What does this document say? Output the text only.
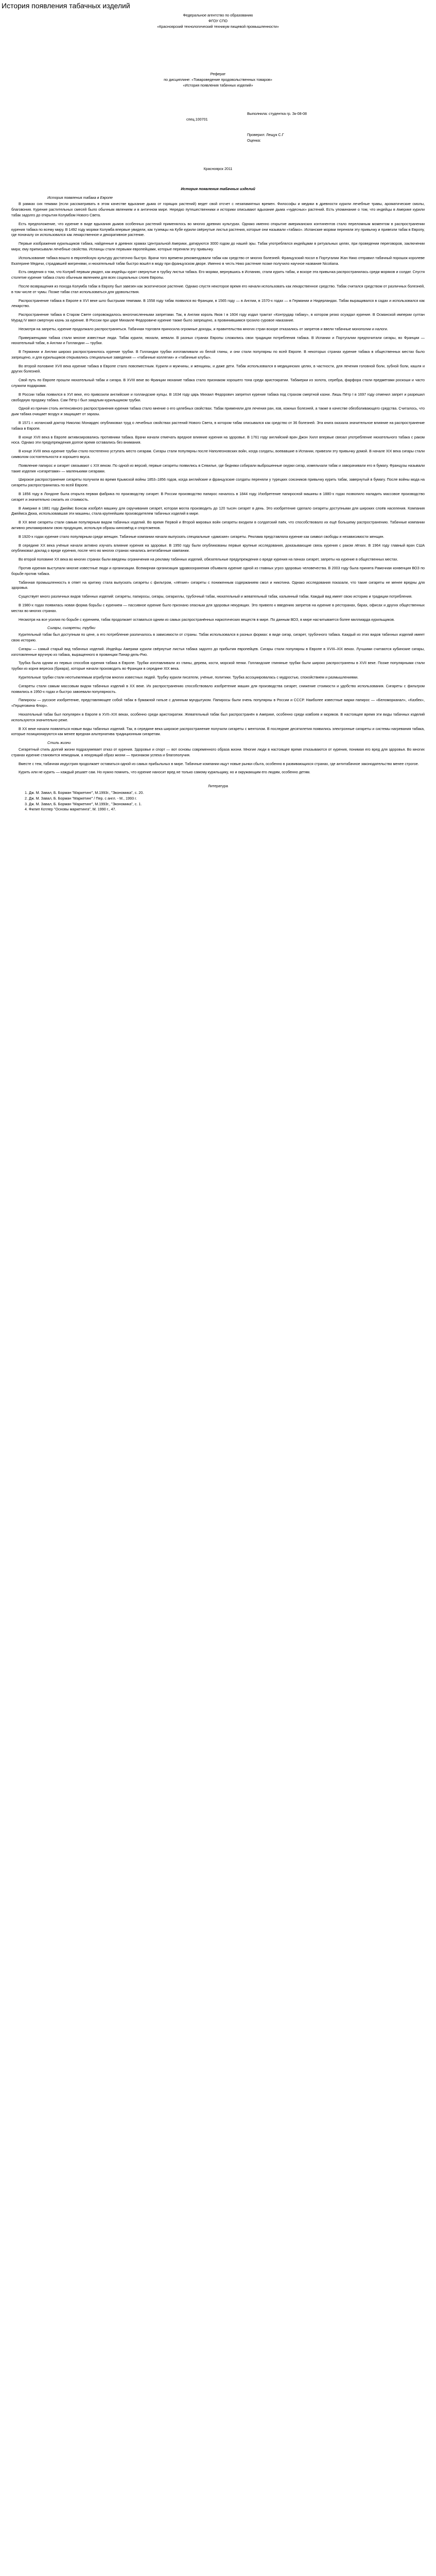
История появления табачных изделий

Федеральное агентство по образованию

ФГОУ СПО

«Красноярский технологический техникум пищевой промышленности»

Реферат

по дисциплине: «Товароведение продовольственных товаров»

«История появления табачных изделий»

Выполнила: студентка гр. Зк-08-08

спец.100701

Проверил: Лещук С.Г

Оценка:

Красноярск 2011

История появления табачных изделий
История появления табака в Европе

В рамках сих темами (если рассматривать в этом качестве вдыхание дыма от горящих растений) ведет свой отсчет с незапамятных времен. Философы и медики в древности курили лечебные травы, ароматические смолы, благовония. Курение растительных смесей было обычным явлением и в античном мире. Нередко путешественники и историки описывают вдыхание дыма «чудесных» растений. Есть упоминание о том, что индейцы в Америке курили табак задолго до открытия Колумбом Нового Света.

Есть предположение, что курение в виде вдыхания дымов особенных растений применялось во многих древних культурах. Однако именно открытие американских континентов стало переломным моментом в распространении курения табака по всему миру. В 1492 году моряки Колумба впервые увидели, как туземцы на Кубе курили свёрнутые листья растения, которые они называли «табако». Испанские моряки переняли эту привычку и привезли табак в Европу, где поначалу он использовался как лекарственное и декоративное растение.

Первые изображения курильщиков табака, найденные в древних храмах Центральной Америки, датируются 3000 годом до нашей эры. Табак употреблялся индейцами в ритуальных целях, при проведении переговоров, заключении мира; ему приписывали лечебные свойства. Испанцы стали первыми европейцами, которые переняли эту привычку.

Использование табака вошло в европейскую культуру достаточно быстро. Врачи того времени рекомендовали табак как средство от многих болезней. Французский посол в Португалии Жан Нико отправил табачный порошок королеве Екатерине Медичи, страдавшей мигренями, и нюхательный табак быстро вошёл в моду при французском дворе. Именно в честь Нико растение позже получило научное название Nicotiana.

Есть сведения о том, что Колумб первым увидел, как индейцы курят свернутые в трубку листья табака. Его моряки, вернувшись в Испанию, стали курить табак, и вскоре эта привычка распространилась среди моряков и солдат. Спустя столетие курение табака стало обычным явлением для всех социальных слоев Европы.

После возвращения из похода Колумба табак в Европу был завезен как экзотическое растение. Однако спустя некоторое время его начали использовать как лекарственное средство. Табак считался средством от различных болезней, в том числе от чумы. Позже табак стал использоваться для удовольствия.

Распространение табака в Европе в XVI веке шло быстрыми темпами. В 1558 году табак появился во Франции, в 1565 году — в Англии, в 1570-х годах — в Германии и Нидерландах. Табак выращивался в садах и использовался как лекарство.

Распространение табака в Старом Свете сопровождалось многочисленными запретами. Так, в Англии король Яков I в 1604 году издал трактат «Контрудар табаку», в котором резко осуждал курение. В Османской империи султан Мурад IV ввел смертную казнь за курение. В России при царе Михаиле Федоровиче курение также было запрещено, а провинившимся грозило суровое наказание.

Несмотря на запреты, курение продолжало распространяться. Табачная торговля приносила огромные доходы, и правительства многих стран вскоре отказались от запретов и ввели табачные монополии и налоги.

Приверженцами табака стали многие известные люди. Табак курили, нюхали, жевали. В разных странах Европы сложились свои традиции потребления табака. В Испании и Португалии предпочитали сигары, во Франции — нюхательный табак, в Англии и Голландии — трубки.

В Германии и Англии широко распространилось курение трубки. В Голландии трубки изготавливали из белой глины, и они стали популярны по всей Европе. В некоторых странах курение табака в общественных местах было запрещено, и для курильщиков открывались специальные заведения — «табачные коллегии» и «табачные клубы».

Во второй половине XVII века курение табака в Европе стало повсеместным. Курили и мужчины, и женщины, и даже дети. Табак использовался в медицинских целях, в частности, для лечения головной боли, зубной боли, кашля и других болезней.

Свой путь по Европе прошли нюхательный табак и сигара. В XVIII веке во Франции нюхание табака стало признаком хорошего тона среди аристократии. Табакерки из золота, серебра, фарфора стали предметами роскоши и часто служили подарками.

В России табак появился в XVI веке, его привозили английские и голландские купцы. В 1634 году царь Михаил Федорович запретил курение табака под страхом смертной казни. Лишь Пётр I в 1697 году отменил запрет и разрешил свободную продажу табака. Сам Пётр I был заядлым курильщиком трубки.

Одной из причин столь интенсивного распространения курения табака стало мнение о его целебных свойствах. Табак применяли для лечения ран, язв, кожных болезней, а также в качестве обезболивающего средства. Считалось, что дым табака очищает воздух и защищает от заразы.

В 1571 г. испанский доктор Николас Монардес опубликовал труд о лечебных свойствах растений Нового Света, в котором табак описывался как средство от 36 болезней. Эта книга оказала значительное влияние на распространение табака в Европе.

В конце XVII века в Европе активизировались противники табака. Врачи начали отмечать вредное влияние курения на здоровье. В 1761 году английский врач Джон Хилл впервые связал употребление нюхательного табака с раком носа. Однако эти предупреждения долгое время оставались без внимания.

В конце XVIII века курение трубки стало постепенно уступать место сигарам. Сигары стали популярны после Наполеоновских войн, когда солдаты, воевавшие в Испании, привезли эту привычку домой. В начале XIX века сигары стали символом состоятельности и хорошего вкуса.

Появление папирос и сигарет связывают с XIX веком. По одной из версий, первые сигареты появились в Севилье, где бедняки собирали выброшенные окурки сигар, измельчали табак и заворачивали его в бумагу. Французы называли такие изделия «сигаретами» — маленькими сигарами.

Широкое распространение сигареты получили во время Крымской войны 1853–1856 годов, когда английские и французские солдаты переняли у турецких союзников привычку курить табак, завернутый в бумагу. После войны мода на сигареты распространилась по всей Европе.

В 1856 году в Лондоне была открыта первая фабрика по производству сигарет. В России производство папирос началось в 1844 году. Изобретение папиросной машины в 1880-х годах позволило наладить массовое производство сигарет и значительно снизить их стоимость.

В Америке в 1881 году Джеймс Бонсак изобрёл машину для скручивания сигарет, которая могла производить до 120 тысяч сигарет в день. Это изобретение сделало сигареты доступными для широких слоёв населения. Компания Джеймса Дюка, использовавшая эти машины, стала крупнейшим производителем табачных изделий в мире.

В XX веке сигареты стали самым популярным видом табачных изделий. Во время Первой и Второй мировых войн сигареты входили в солдатский паёк, что способствовало их ещё большему распространению. Табачные компании активно рекламировали свою продукцию, используя образы кинозвёзд и спортсменов.

В 1920-х годах курение стало популярным среди женщин. Табачные компании начали выпускать специальные «дамские» сигареты. Реклама представляла курение как символ свободы и независимости женщин.

В середине XX века учёные начали активно изучать влияние курения на здоровье. В 1950 году были опубликованы первые крупные исследования, доказывающие связь курения с раком лёгких. В 1964 году главный врач США опубликовал доклад о вреде курения, после чего во многих странах начались антитабачные кампании.

Во второй половине XX века во многих странах были введены ограничения на рекламу табачных изделий, обязательные предупреждения о вреде курения на пачках сигарет, запреты на курение в общественных местах.

Против курения выступали многие известные люди и организации. Всемирная организация здравоохранения объявила курение одной из главных угроз здоровью человечества. В 2003 году была принята Рамочная конвенция ВОЗ по борьбе против табака.

Табачная промышленность в ответ на критику стала выпускать сигареты с фильтром, «лёгкие» сигареты с пониженным содержанием смол и никотина. Однако исследования показали, что такие сигареты не менее вредны для здоровья.

Существует много различных видов табачных изделий: сигареты, папиросы, сигары, сигариллы, трубочный табак, нюхательный и жевательный табак, кальянный табак. Каждый вид имеет свою историю и традиции потребления.

В 1980-х годах появилась новая форма борьбы с курением — пассивное курение было признано опасным для здоровья некурящих. Это привело к введению запретов на курение в ресторанах, барах, офисах и других общественных местах во многих странах.

Несмотря на все усилия по борьбе с курением, табак продолжает оставаться одним из самых распространённых наркотических веществ в мире. По данным ВОЗ, в мире насчитывается более миллиарда курильщиков.

Сигары, сигареты, трубки

Курительный табак был доступным по цене, а его потребление различалось в зависимости от страны. Табак использовался в разных формах: в виде сигар, сигарет, трубочного табака. Каждый из этих видов табачных изделий имеет свою историю.

Сигары — самый старый вид табачных изделий. Индейцы Америки курили свёрнутые листья табака задолго до прибытия европейцев. Сигары стали популярны в Европе в XVIII–XIX веках. Лучшими считаются кубинские сигары, изготовленные вручную из табака, выращенного в провинции Пинар-дель-Рио.

Трубка была одним из первых способов курения табака в Европе. Трубки изготавливали из глины, дерева, кости, морской пенки. Голландские глиняные трубки были широко распространены в XVII веке. Позже популярными стали трубки из корня вереска (бриара), которые начали производить во Франции в середине XIX века.

Курительные трубки стали неотъемлемым атрибутом многих известных людей. Трубку курили писатели, учёные, политики. Трубка ассоциировалась с мудростью, спокойствием и размышлениями.

Сигареты стали самым массовым видом табачных изделий в XX веке. Их распространению способствовало изобретение машин для производства сигарет, снижение стоимости и удобство использования. Сигареты с фильтром появились в 1950-х годах и быстро завоевали популярность.

Папиросы — русское изобретение, представляющее собой табак в бумажной гильзе с длинным мундштуком. Папиросы были очень популярны в России и СССР. Наиболее известные марки папирос — «Беломорканал», «Казбек», «Герцеговина Флор».

Нюхательный табак был популярен в Европе в XVII–XIX веках, особенно среди аристократии. Жевательный табак был распространён в Америке, особенно среди ковбоев и моряков. В настоящее время эти виды табачных изделий используются значительно реже.

В XX веке начали появляться новые виды табачных изделий. Так, в середине века широкое распространение получили сигареты с ментолом. В последние десятилетия появились электронные сигареты и системы нагревания табака, которые позиционируются как менее вредная альтернатива традиционным сигаретам.

Стиль жизни

Сигаретный стиль долгий жизни подразумевает отказ от курения. Здоровье и спорт — вот основы современного образа жизни. Многие люди в настоящее время отказываются от курения, понимая его вред для здоровья. Во многих странах курение становится немодным, а некурящий образ жизни — признаком успеха и благополучия.

Вместе с тем, табачная индустрия продолжает оставаться одной из самых прибыльных в мире. Табачные компании ищут новые рынки сбыта, особенно в развивающихся странах, где антитабачное законодательство менее строгое.

Курить или не курить — каждый решает сам. Но нужно помнить, что курение наносит вред не только самому курильщику, но и окружающим его людям, особенно детям.

Литература

1. Дж. М. Завал, Б. Борман "Маркетинг", М.1993г., "Экономика", с. 20.
2. Дж. М. Завал, Б. Борман "Маркетинг" / Пер. с англ. - М., 1993 г.
3. Дж. М. Завал, Б. Борман "Маркетинг", М.1993г., "Экономика", с. 1.
4. Филип Котлер "Основы маркетинга", М. 1990 г., 47.
